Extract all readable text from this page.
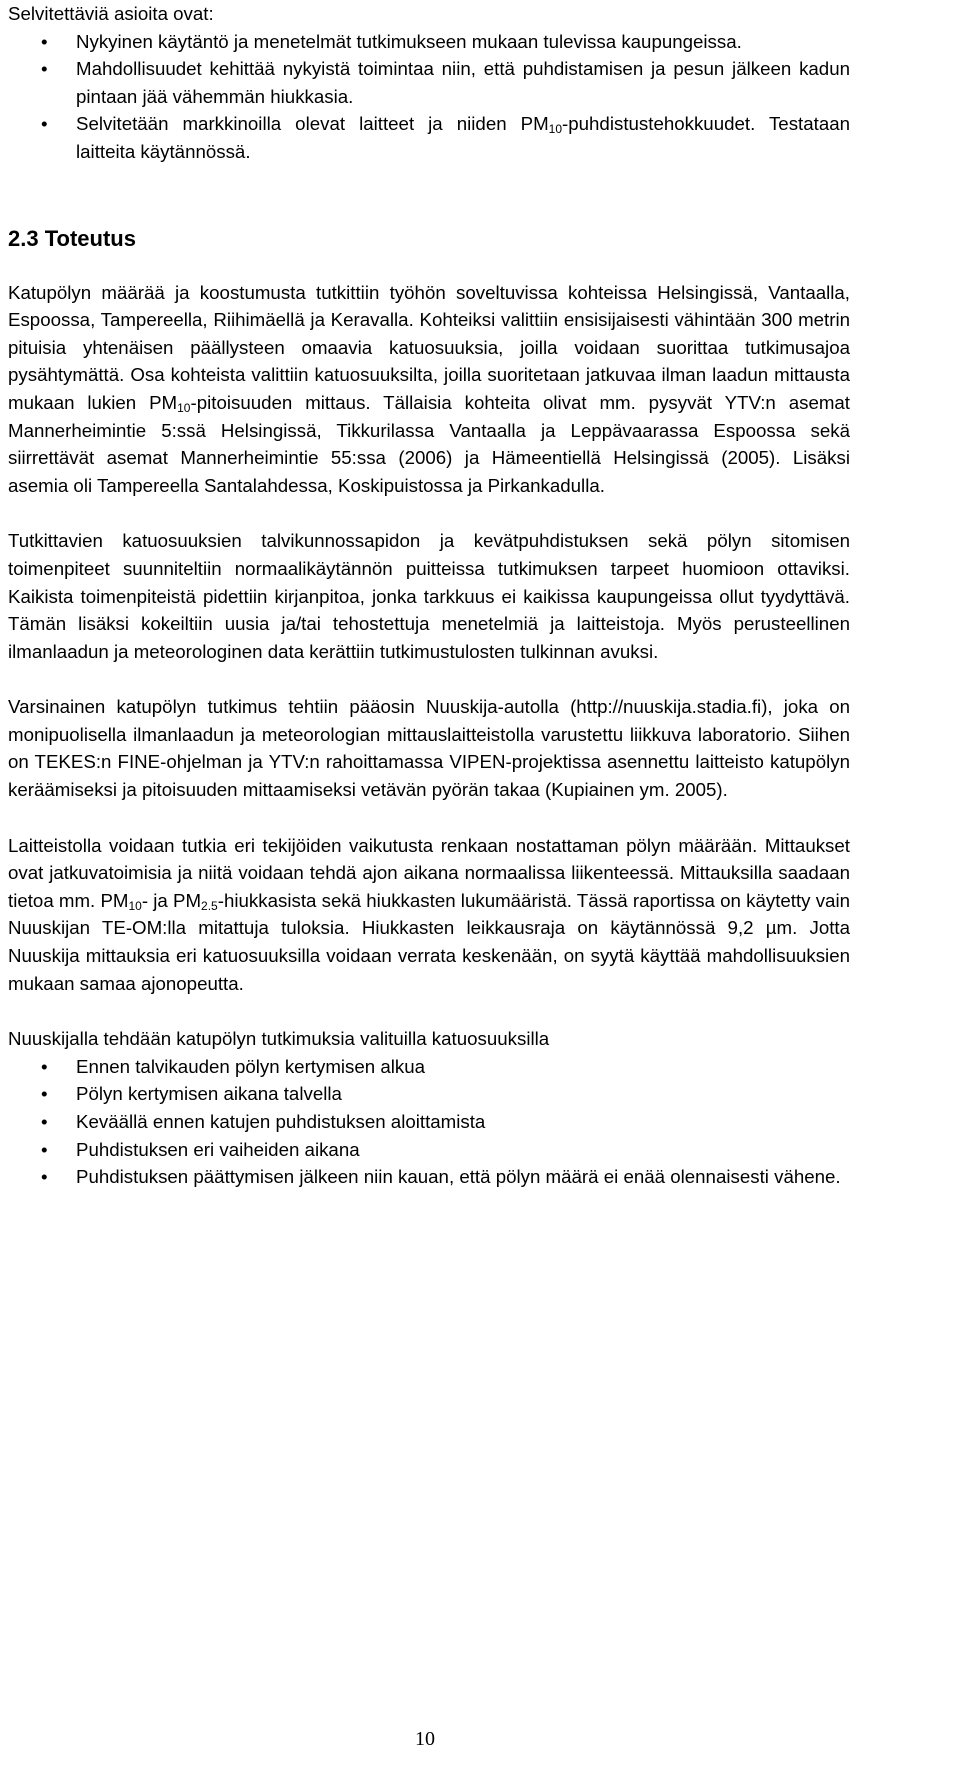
Selvitettäviä asioita ovat:

• Nykyinen käytäntö ja menetelmät tutkimukseen mukaan tulevissa kaupungeissa.
• Mahdollisuudet kehittää nykyistä toimintaa niin, että puhdistamisen ja pesun jälkeen kadun pintaan jää vähemmän hiukkasia.
• Selvitetään markkinoilla olevat laitteet ja niiden $PM_{10}$-puhdistustehokkuudet. Testataan laitteita käytännössä.
2.3 Toteutus

Katupölyn määrää ja koostumusta tutkittiin työhön soveltuvissa kohteissa Helsingissä, Vantaalla, Espoossa, Tampereella, Riihimäellä ja Keravalla. Kohteiksi valittiin ensisijaisesti vähintään 300 metrin pituisia yhtenäisen päällysteen omaavia katuosuuksia, joilla voidaan suorittaa tutkimusajoa pysähtymättä. Osa kohteista valittiin katuosuuksilta, joilla suoritetaan jatkuvaa ilman laadun mittausta mukaan lukien $PM_{10}$-pitoisuuden mittaus. Tällaisia kohteita olivat mm. pysyvät YTV:n asemat Mannerheimintie 5:ssä Helsingissä, Tikkurilassa Vantaalla ja Leppävaarassa Espoossa sekä siirrettävät asemat Mannerheimintie 55:ssa (2006) ja Hämeentiellä Helsingissä (2005). Lisäksi asemia oli Tampereella Santalahdessa, Koskipuistossa ja Pirkankadulla.

Tutkittavien katuosuuksien talvikunnossapidon ja kevätpuhdistuksen sekä pölyn sitomisen toimenpiteet suunniteltiin normaalikäytännön puitteissa tutkimuksen tarpeet huomioon ottaviksi. Kaikista toimenpiteistä pidettiin kirjanpitoa, jonka tarkkuus ei kaikissa kaupungeissa ollut tyydyttävä. Tämän lisäksi kokeiltiin uusia ja/tai tehostettuja menetelmiä ja laitteistoja. Myös perusteellinen ilmanlaadun ja meteorologinen data kerättiin tutkimustulosten tulkinnan avuksi.

Varsinainen katupölyn tutkimus tehtiin pääosin Nuuskija-autolla (http://nuuskija.stadia.fi), joka on monipuolisella ilmanlaadun ja meteorologian mittauslaitteistolla varustettu liikkuva laboratorio. Siihen on TEKES:n FINE-ohjelman ja YTV:n rahoittamassa VIPEN-projektissa asennettu laitteisto katupölyn keräämiseksi ja pitoisuuden mittaamiseksi vetävän pyörän takaa (Kupiainen ym. 2005).

Laitteistolla voidaan tutkia eri tekijöiden vaikutusta renkaan nostattaman pölyn määrään. Mittaukset ovat jatkuvatoimisia ja niitä voidaan tehdä ajon aikana normaalissa liikenteessä. Mittauksilla saadaan tietoa mm. $PM_{10}-$ ja $PM_{2.5}$-hiukkasista sekä hiukkasten lukumääristä. Tässä raportissa on käytetty vain Nuuskijan TE-OM:lla mitattuja tuloksia. Hiukkasten leikkausraja on käytännössä 9,2 µm. Jotta Nuuskija mittauksia eri katuosuuksilla voidaan verrata keskenään, on syytä käyttää mahdollisuuksien mukaan samaa ajonopeutta.

Nuuskijalla tehdään katupölyn tutkimuksia valituilla katuosuuksilla

• Ennen talvikauden pölyn kertymisen alkua
• Pölyn kertymisen aikana talvella
• Keväällä ennen katujen puhdistuksen aloittamista
• Puhdistuksen eri vaiheiden aikana
• Puhdistuksen päättymisen jälkeen niin kauan, että pölyn määrä ei enää olennaisesti vähene.
10
